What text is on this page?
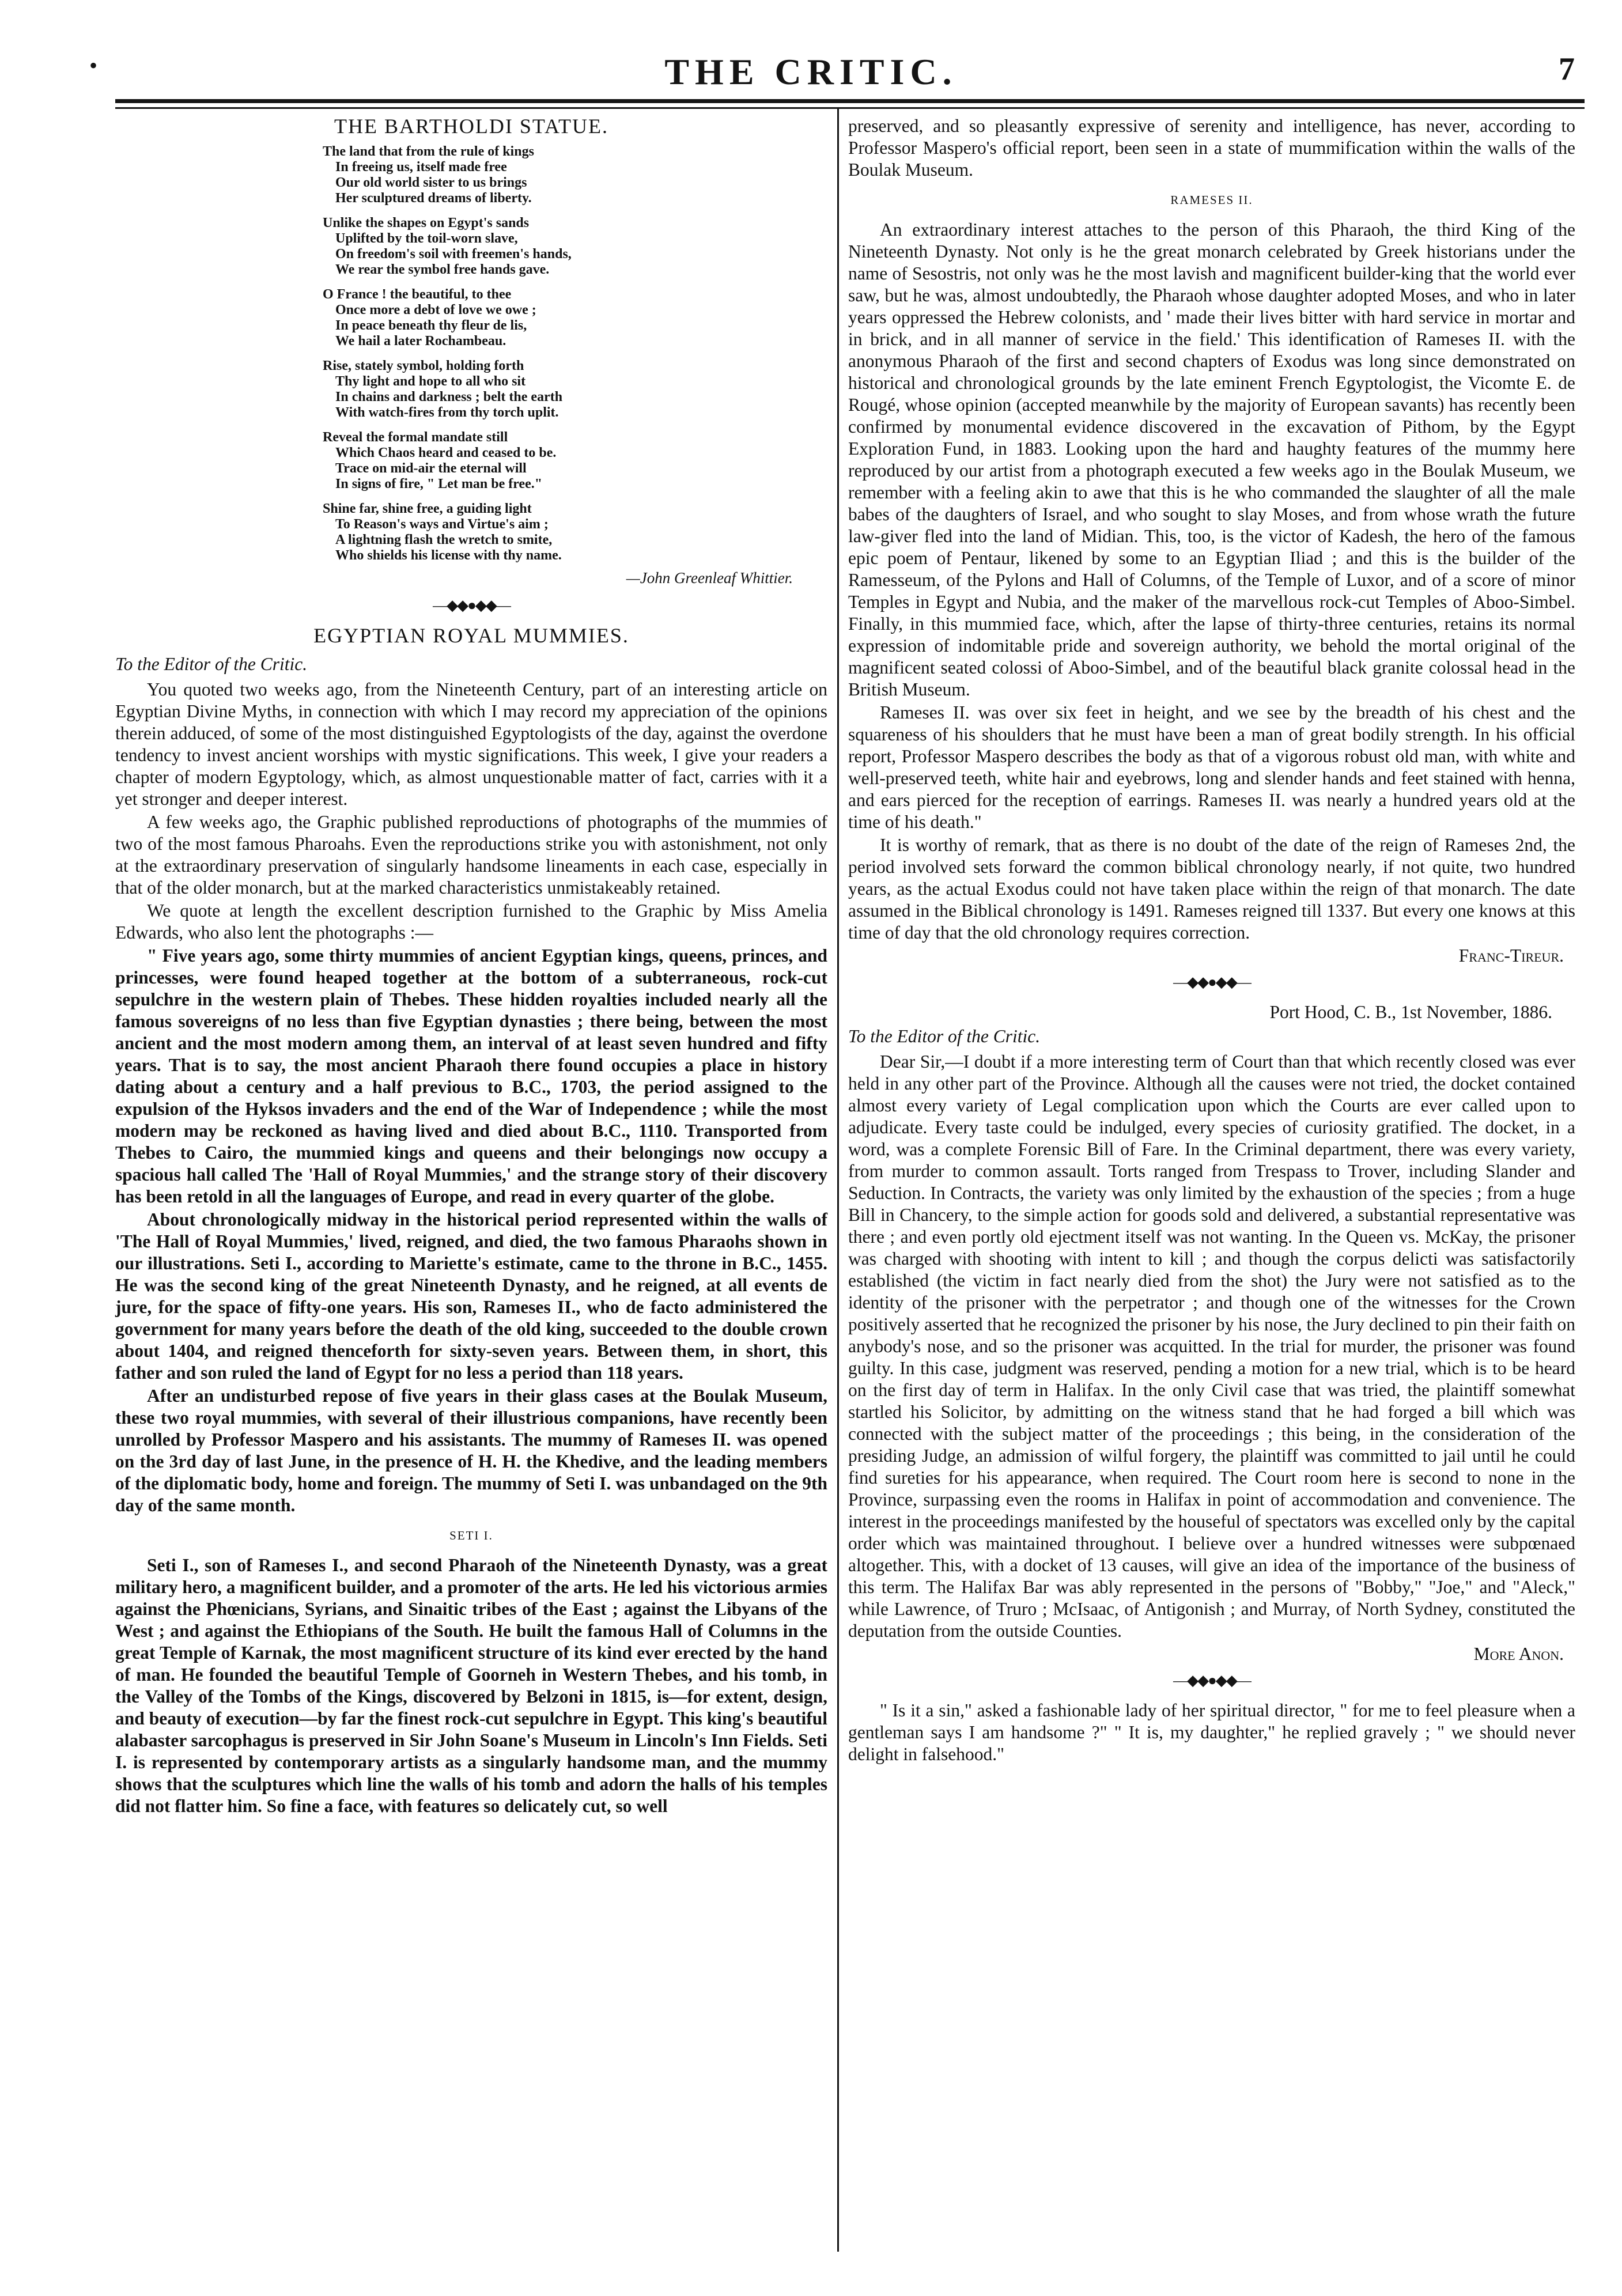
•	THE CRITIC.	7
THE BARTHOLDI STATUE.
The land that from the rule of kings
In freeing us, itself made free
Our old world sister to us brings
Her sculptured dreams of liberty.
Unlike the shapes on Egypt's sands
Uplifted by the toil-worn slave,
On freedom's soil with freemen's hands,
We rear the symbol free hands gave.
O France ! the beautiful, to thee
Once more a debt of love we owe ;
In peace beneath thy fleur de lis,
We hail a later Rochambeau.
Rise, stately symbol, holding forth
Thy light and hope to all who sit
In chains and darkness ; belt the earth
With watch-fires from thy torch uplit.
Reveal the formal mandate still
Which Chaos heard and ceased to be.
Trace on mid-air the eternal will
In signs of fire, " Let man be free."
Shine far, shine free, a guiding light
To Reason's ways and Virtue's aim ;
A lightning flash the wretch to smite,
Who shields his license with thy name.
—John Greenleaf Whittier.
—◆◆●◆◆—
EGYPTIAN ROYAL MUMMIES.
To the Editor of the Critic.

You quoted two weeks ago, from the Nineteenth Century, part of an interesting article on Egyptian Divine Myths, in connection with which I may record my appreciation of the opinions therein adduced, of some of the most distinguished Egyptologists of the day, against the overdone tendency to invest ancient worships with mystic significations. This week, I give your readers a chapter of modern Egyptology, which, as almost unquestionable matter of fact, carries with it a yet stronger and deeper interest.

A few weeks ago, the Graphic published reproductions of photographs of the mummies of two of the most famous Pharoahs. Even the reproductions strike you with astonishment, not only at the extraordinary preservation of singularly handsome lineaments in each case, especially in that of the older monarch, but at the marked characteristics unmistakeably retained.

We quote at length the excellent description furnished to the Graphic by Miss Amelia Edwards, who also lent the photographs :—

" Five years ago, some thirty mummies of ancient Egyptian kings, queens, princes, and princesses, were found heaped together at the bottom of a subterraneous, rock-cut sepulchre in the western plain of Thebes. These hidden royalties included nearly all the famous sovereigns of no less than five Egyptian dynasties ; there being, between the most ancient and the most modern among them, an interval of at least seven hundred and fifty years. That is to say, the most ancient Pharaoh there found occupies a place in history dating about a century and a half previous to B.C., 1703, the period assigned to the expulsion of the Hyksos invaders and the end of the War of Independence ; while the most modern may be reckoned as having lived and died about B.C., 1110. Transported from Thebes to Cairo, the mummied kings and queens and their belongings now occupy a spacious hall called The 'Hall of Royal Mummies,' and the strange story of their discovery has been retold in all the languages of Europe, and read in every quarter of the globe.

About chronologically midway in the historical period represented within the walls of 'The Hall of Royal Mummies,' lived, reigned, and died, the two famous Pharaohs shown in our illustrations. Seti I., according to Mariette's estimate, came to the throne in B.C., 1455. He was the second king of the great Nineteenth Dynasty, and he reigned, at all events de jure, for the space of fifty-one years. His son, Rameses II., who de facto administered the government for many years before the death of the old king, succeeded to the double crown about 1404, and reigned thenceforth for sixty-seven years. Between them, in short, this father and son ruled the land of Egypt for no less a period than 118 years.

After an undisturbed repose of five years in their glass cases at the Boulak Museum, these two royal mummies, with several of their illustrious companions, have recently been unrolled by Professor Maspero and his assistants. The mummy of Rameses II. was opened on the 3rd day of last June, in the presence of H. H. the Khedive, and the leading members of the diplomatic body, home and foreign. The mummy of Seti I. was unbandaged on the 9th day of the same month.

SETI I.

Seti I., son of Rameses I., and second Pharaoh of the Nineteenth Dynasty, was a great military hero, a magnificent builder, and a promoter of the arts. He led his victorious armies against the Phœnicians, Syrians, and Sinaitic tribes of the East ; against the Libyans of the West ; and against the Ethiopians of the South. He built the famous Hall of Columns in the great Temple of Karnak, the most magnificent structure of its kind ever erected by the hand of man. He founded the beautiful Temple of Goorneh in Western Thebes, and his tomb, in the Valley of the Tombs of the Kings, discovered by Belzoni in 1815, is—for extent, design, and beauty of execution—by far the finest rock-cut sepulchre in Egypt. This king's beautiful alabaster sarcophagus is preserved in Sir John Soane's Museum in Lincoln's Inn Fields. Seti I. is represented by contemporary artists as a singularly handsome man, and the mummy shows that the sculptures which line the walls of his tomb and adorn the halls of his temples did not flatter him. So fine a face, with features so delicately cut, so well

preserved, and so pleasantly expressive of serenity and intelligence, has never, according to Professor Maspero's official report, been seen in a state of mummification within the walls of the Boulak Museum.

RAMESES II.

An extraordinary interest attaches to the person of this Pharaoh, the third King of the Nineteenth Dynasty. Not only is he the great monarch celebrated by Greek historians under the name of Sesostris, not only was he the most lavish and magnificent builder-king that the world ever saw, but he was, almost undoubtedly, the Pharaoh whose daughter adopted Moses, and who in later years oppressed the Hebrew colonists, and ' made their lives bitter with hard service in mortar and in brick, and in all manner of service in the field.' This identification of Rameses II. with the anonymous Pharaoh of the first and second chapters of Exodus was long since demonstrated on historical and chronological grounds by the late eminent French Egyptologist, the Vicomte E. de Rougé, whose opinion (accepted meanwhile by the majority of European savants) has recently been confirmed by monumental evidence discovered in the excavation of Pithom, by the Egypt Exploration Fund, in 1883. Looking upon the hard and haughty features of the mummy here reproduced by our artist from a photograph executed a few weeks ago in the Boulak Museum, we remember with a feeling akin to awe that this is he who commanded the slaughter of all the male babes of the daughters of Israel, and who sought to slay Moses, and from whose wrath the future law-giver fled into the land of Midian. This, too, is the victor of Kadesh, the hero of the famous epic poem of Pentaur, likened by some to an Egyptian Iliad ; and this is the builder of the Ramesseum, of the Pylons and Hall of Columns, of the Temple of Luxor, and of a score of minor Temples in Egypt and Nubia, and the maker of the marvellous rock-cut Temples of Aboo-Simbel. Finally, in this mummied face, which, after the lapse of thirty-three centuries, retains its normal expression of indomitable pride and sovereign authority, we behold the mortal original of the magnificent seated colossi of Aboo-Simbel, and of the beautiful black granite colossal head in the British Museum.

Rameses II. was over six feet in height, and we see by the breadth of his chest and the squareness of his shoulders that he must have been a man of great bodily strength. In his official report, Professor Maspero describes the body as that of a vigorous robust old man, with white and well-preserved teeth, white hair and eyebrows, long and slender hands and feet stained with henna, and ears pierced for the reception of earrings. Rameses II. was nearly a hundred years old at the time of his death."

It is worthy of remark, that as there is no doubt of the date of the reign of Rameses 2nd, the period involved sets forward the common biblical chronology nearly, if not quite, two hundred years, as the actual Exodus could not have taken place within the reign of that monarch. The date assumed in the Biblical chronology is 1491. Rameses reigned till 1337. But every one knows at this time of day that the old chronology requires correction.

Franc-Tireur.
—◆◆●◆◆—
Port Hood, C. B., 1st November, 1886.
To the Editor of the Critic.

Dear Sir,—I doubt if a more interesting term of Court than that which recently closed was ever held in any other part of the Province. Although all the causes were not tried, the docket contained almost every variety of Legal complication upon which the Courts are ever called upon to adjudicate. Every taste could be indulged, every species of curiosity gratified. The docket, in a word, was a complete Forensic Bill of Fare. In the Criminal department, there was every variety, from murder to common assault. Torts ranged from Trespass to Trover, including Slander and Seduction. In Contracts, the variety was only limited by the exhaustion of the species ; from a huge Bill in Chancery, to the simple action for goods sold and delivered, a substantial representative was there ; and even portly old ejectment itself was not wanting. In the Queen vs. McKay, the prisoner was charged with shooting with intent to kill ; and though the corpus delicti was satisfactorily established (the victim in fact nearly died from the shot) the Jury were not satisfied as to the identity of the prisoner with the perpetrator ; and though one of the witnesses for the Crown positively asserted that he recognized the prisoner by his nose, the Jury declined to pin their faith on anybody's nose, and so the prisoner was acquitted. In the trial for murder, the prisoner was found guilty. In this case, judgment was reserved, pending a motion for a new trial, which is to be heard on the first day of term in Halifax. In the only Civil case that was tried, the plaintiff somewhat startled his Solicitor, by admitting on the witness stand that he had forged a bill which was connected with the subject matter of the proceedings ; this being, in the consideration of the presiding Judge, an admission of wilful forgery, the plaintiff was committed to jail until he could find sureties for his appearance, when required. The Court room here is second to none in the Province, surpassing even the rooms in Halifax in point of accommodation and convenience. The interest in the proceedings manifested by the houseful of spectators was excelled only by the capital order which was maintained throughout. I believe over a hundred witnesses were subpœnaed altogether. This, with a docket of 13 causes, will give an idea of the importance of the business of this term. The Halifax Bar was ably represented in the persons of "Bobby," "Joe," and "Aleck," while Lawrence, of Truro ; McIsaac, of Antigonish ; and Murray, of North Sydney, constituted the deputation from the outside Counties.

More Anon.
—◆◆●◆◆—

" Is it a sin," asked a fashionable lady of her spiritual director, " for me to feel pleasure when a gentleman says I am handsome ?" " It is, my daughter," he replied gravely ; " we should never delight in falsehood."
